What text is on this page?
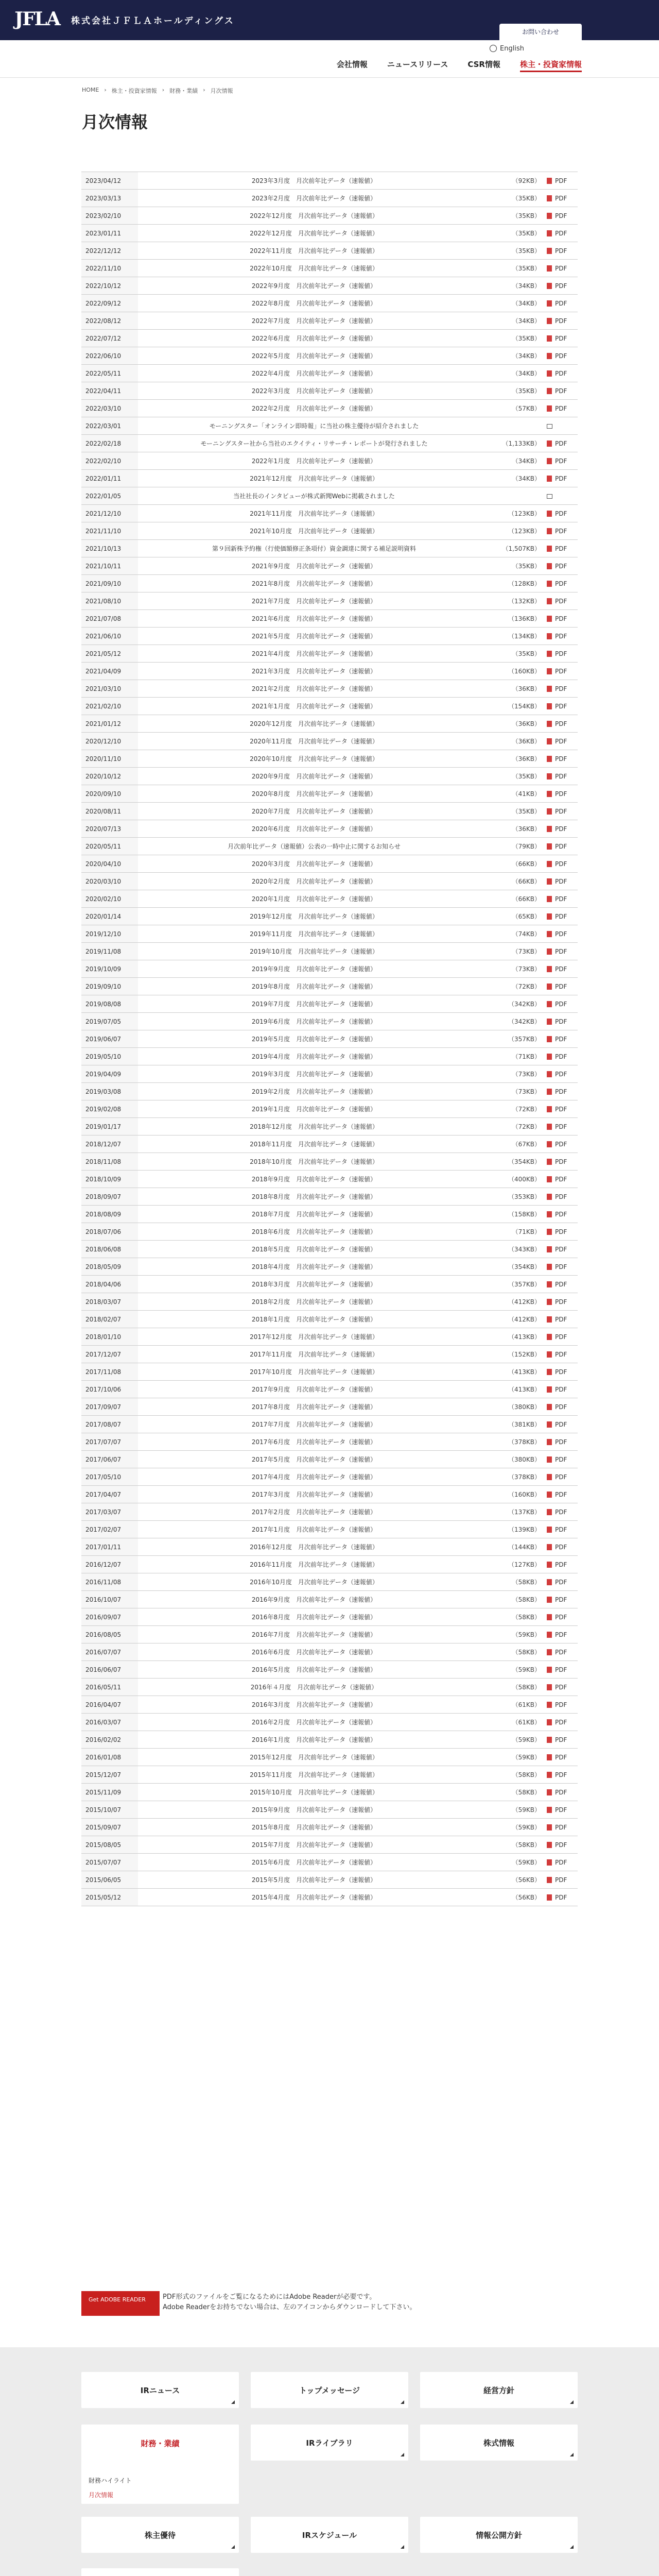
JFLA	株式会社ＪＦＬＡホールディングス
お問い合わせ
English
会社情報	ニュースリリース	CSR情報	株主・投資家情報
HOME › 株主・投資家情報 › 財務・業績 › 月次情報
月次情報
2023/04/12	2023年3月度　月次前年比データ（速報値）	（92KB）	PDF
2023/03/13	2023年2月度　月次前年比データ（速報値）	（35KB）	PDF
2023/02/10	2022年12月度　月次前年比データ（速報値）	（35KB）	PDF
2023/01/11	2022年12月度　月次前年比データ（速報値）	（35KB）	PDF
2022/12/12	2022年11月度　月次前年比データ（速報値）	（35KB）	PDF
2022/11/10	2022年10月度　月次前年比データ（速報値）	（35KB）	PDF
2022/10/12	2022年9月度　月次前年比データ（速報値）	（34KB）	PDF
2022/09/12	2022年8月度　月次前年比データ（速報値）	（34KB）	PDF
2022/08/12	2022年7月度　月次前年比データ（速報値）	（34KB）	PDF
2022/07/12	2022年6月度　月次前年比データ（速報値）	（35KB）	PDF
2022/06/10	2022年5月度　月次前年比データ（速報値）	（34KB）	PDF
2022/05/11	2022年4月度　月次前年比データ（速報値）	（34KB）	PDF
2022/04/11	2022年3月度　月次前年比データ（速報値）	（35KB）	PDF
2022/03/10	2022年2月度　月次前年比データ（速報値）	（57KB）	PDF
2022/03/01	モーニングスター「オンライン即時報」に当社の株主優待が紹介されました		
2022/02/18	モーニングスター社から当社のエクイティ・リサーチ・レポートが発行されました	（1,133KB）	PDF
2022/02/10	2022年1月度　月次前年比データ（速報値）	（34KB）	PDF
2022/01/11	2021年12月度　月次前年比データ（速報値）	（34KB）	PDF
2022/01/05	当社社長のインタビューが株式新聞Webに掲載されました		
2021/12/10	2021年11月度　月次前年比データ（速報値）	（123KB）	PDF
2021/11/10	2021年10月度　月次前年比データ（速報値）	（123KB）	PDF
2021/10/13	第９回新株予約権（行使価額修正条項付）資金調達に関する補足説明資料	（1,507KB）	PDF
2021/10/11	2021年9月度　月次前年比データ（速報値）	（35KB）	PDF
2021/09/10	2021年8月度　月次前年比データ（速報値）	（128KB）	PDF
2021/08/10	2021年7月度　月次前年比データ（速報値）	（132KB）	PDF
2021/07/08	2021年6月度　月次前年比データ（速報値）	（136KB）	PDF
2021/06/10	2021年5月度　月次前年比データ（速報値）	（134KB）	PDF
2021/05/12	2021年4月度　月次前年比データ（速報値）	（35KB）	PDF
2021/04/09	2021年3月度　月次前年比データ（速報値）	（160KB）	PDF
2021/03/10	2021年2月度　月次前年比データ（速報値）	（36KB）	PDF
2021/02/10	2021年1月度　月次前年比データ（速報値）	（154KB）	PDF
2021/01/12	2020年12月度　月次前年比データ（速報値）	（36KB）	PDF
2020/12/10	2020年11月度　月次前年比データ（速報値）	（36KB）	PDF
2020/11/10	2020年10月度　月次前年比データ（速報値）	（36KB）	PDF
2020/10/12	2020年9月度　月次前年比データ（速報値）	（35KB）	PDF
2020/09/10	2020年8月度　月次前年比データ（速報値）	（41KB）	PDF
2020/08/11	2020年7月度　月次前年比データ（速報値）	（35KB）	PDF
2020/07/13	2020年6月度　月次前年比データ（速報値）	（36KB）	PDF
2020/05/11	月次前年比データ（速報値）公表の一時中止に関するお知らせ	（79KB）	PDF
2020/04/10	2020年3月度　月次前年比データ（速報値）	（66KB）	PDF
2020/03/10	2020年2月度　月次前年比データ（速報値）	（66KB）	PDF
2020/02/10	2020年1月度　月次前年比データ（速報値）	（66KB）	PDF
2020/01/14	2019年12月度　月次前年比データ（速報値）	（65KB）	PDF
2019/12/10	2019年11月度　月次前年比データ（速報値）	（74KB）	PDF
2019/11/08	2019年10月度　月次前年比データ（速報値）	（73KB）	PDF
2019/10/09	2019年9月度　月次前年比データ（速報値）	（73KB）	PDF
2019/09/10	2019年8月度　月次前年比データ（速報値）	（72KB）	PDF
2019/08/08	2019年7月度　月次前年比データ（速報値）	（342KB）	PDF
2019/07/05	2019年6月度　月次前年比データ（速報値）	（342KB）	PDF
2019/06/07	2019年5月度　月次前年比データ（速報値）	（357KB）	PDF
2019/05/10	2019年4月度　月次前年比データ（速報値）	（71KB）	PDF
2019/04/09	2019年3月度　月次前年比データ（速報値）	（73KB）	PDF
2019/03/08	2019年2月度　月次前年比データ（速報値）	（73KB）	PDF
2019/02/08	2019年1月度　月次前年比データ（速報値）	（72KB）	PDF
2019/01/17	2018年12月度　月次前年比データ（速報値）	（72KB）	PDF
2018/12/07	2018年11月度　月次前年比データ（速報値）	（67KB）	PDF
2018/11/08	2018年10月度　月次前年比データ（速報値）	（354KB）	PDF
2018/10/09	2018年9月度　月次前年比データ（速報値）	（400KB）	PDF
2018/09/07	2018年8月度　月次前年比データ（速報値）	（353KB）	PDF
2018/08/09	2018年7月度　月次前年比データ（速報値）	（158KB）	PDF
2018/07/06	2018年6月度　月次前年比データ（速報値）	（71KB）	PDF
2018/06/08	2018年5月度　月次前年比データ（速報値）	（343KB）	PDF
2018/05/09	2018年4月度　月次前年比データ（速報値）	（354KB）	PDF
2018/04/06	2018年3月度　月次前年比データ（速報値）	（357KB）	PDF
2018/03/07	2018年2月度　月次前年比データ（速報値）	（412KB）	PDF
2018/02/07	2018年1月度　月次前年比データ（速報値）	（412KB）	PDF
2018/01/10	2017年12月度　月次前年比データ（速報値）	（413KB）	PDF
2017/12/07	2017年11月度　月次前年比データ（速報値）	（152KB）	PDF
2017/11/08	2017年10月度　月次前年比データ（速報値）	（413KB）	PDF
2017/10/06	2017年9月度　月次前年比データ（速報値）	（413KB）	PDF
2017/09/07	2017年8月度　月次前年比データ（速報値）	（380KB）	PDF
2017/08/07	2017年7月度　月次前年比データ（速報値）	（381KB）	PDF
2017/07/07	2017年6月度　月次前年比データ（速報値）	（378KB）	PDF
2017/06/07	2017年5月度　月次前年比データ（速報値）	（380KB）	PDF
2017/05/10	2017年4月度　月次前年比データ（速報値）	（378KB）	PDF
2017/04/07	2017年3月度　月次前年比データ（速報値）	（160KB）	PDF
2017/03/07	2017年2月度　月次前年比データ（速報値）	（137KB）	PDF
2017/02/07	2017年1月度　月次前年比データ（速報値）	（139KB）	PDF
2017/01/11	2016年12月度　月次前年比データ（速報値）	（144KB）	PDF
2016/12/07	2016年11月度　月次前年比データ（速報値）	（127KB）	PDF
2016/11/08	2016年10月度　月次前年比データ（速報値）	（58KB）	PDF
2016/10/07	2016年9月度　月次前年比データ（速報値）	（58KB）	PDF
2016/09/07	2016年8月度　月次前年比データ（速報値）	（58KB）	PDF
2016/08/05	2016年7月度　月次前年比データ（速報値）	（59KB）	PDF
2016/07/07	2016年6月度　月次前年比データ（速報値）	（58KB）	PDF
2016/06/07	2016年5月度　月次前年比データ（速報値）	（59KB）	PDF
2016/05/11	2016年４月度　月次前年比データ（速報値）	（58KB）	PDF
2016/04/07	2016年3月度　月次前年比データ（速報値）	（61KB）	PDF
2016/03/07	2016年2月度　月次前年比データ（速報値）	（61KB）	PDF
2016/02/02	2016年1月度　月次前年比データ（速報値）	（59KB）	PDF
2016/01/08	2015年12月度　月次前年比データ（速報値）	（59KB）	PDF
2015/12/07	2015年11月度　月次前年比データ（速報値）	（58KB）	PDF
2015/11/09	2015年10月度　月次前年比データ（速報値）	（58KB）	PDF
2015/10/07	2015年9月度　月次前年比データ（速報値）	（59KB）	PDF
2015/09/07	2015年8月度　月次前年比データ（速報値）	（59KB）	PDF
2015/08/05	2015年7月度　月次前年比データ（速報値）	（58KB）	PDF
2015/07/07	2015年6月度　月次前年比データ（速報値）	（59KB）	PDF
2015/06/05	2015年5月度　月次前年比データ（速報値）	（56KB）	PDF
2015/05/12	2015年4月度　月次前年比データ（速報値）	（56KB）	PDF
Get ADOBE READER	PDF形式のファイルをご覧になるためにはAdobe Readerが必要です。
Adobe Readerをお持ちでない場合は、左のアイコンからダウンロードして下さい。
IRニュース	トップメッセージ	経営方針
財務・業績
財務ハイライト
月次情報
IRライブラリ	株式情報
株主優待	IRスケジュール	情報公開方針
